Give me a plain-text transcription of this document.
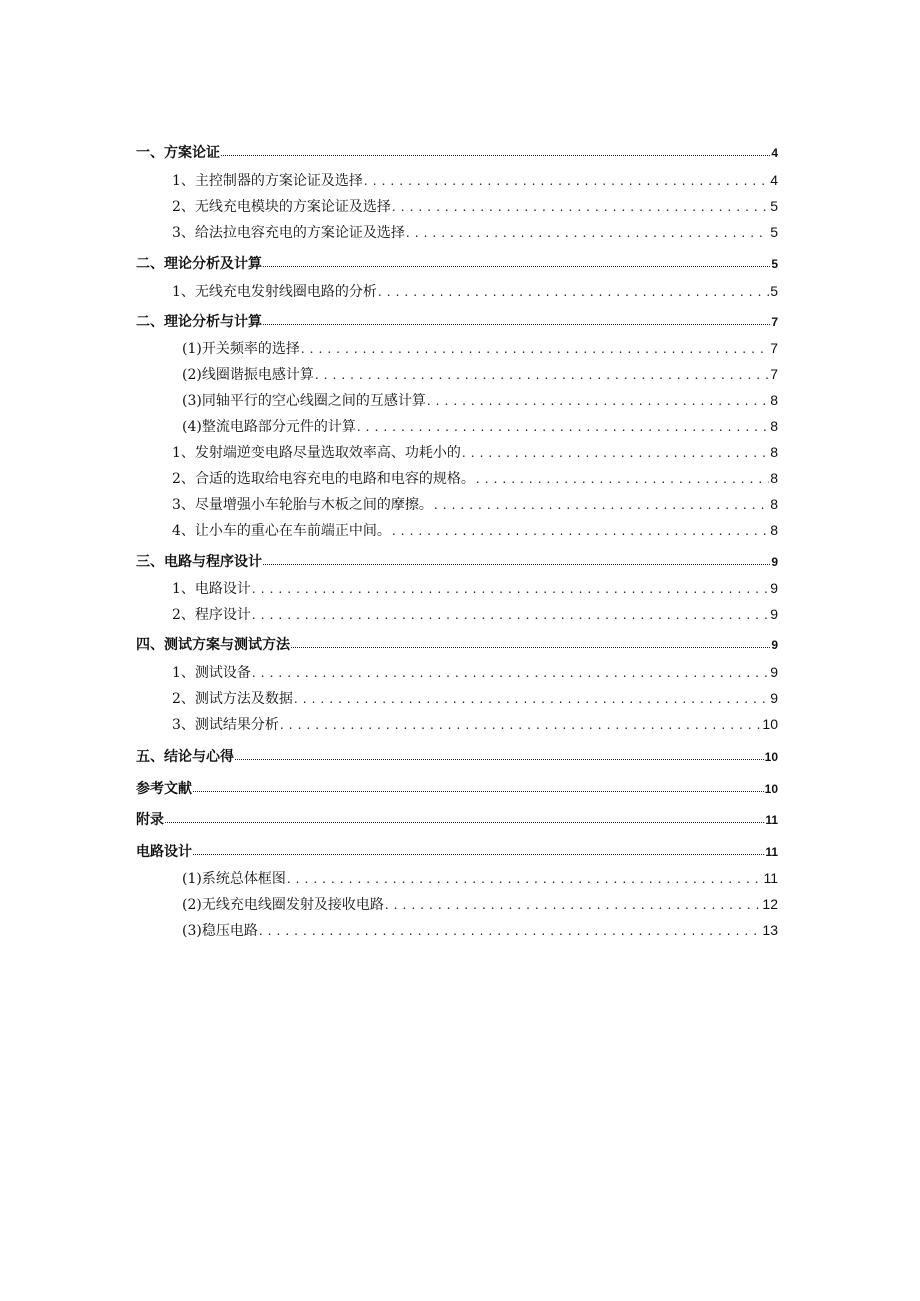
一、方案论证	4
1、主控制器的方案论证及选择 . . .	4
2、无线充电模块的方案论证及选择 . . .	5
3、给法拉电容充电的方案论证及选择 . . .	5
二、理论分析及计算	5
1、无线充电发射线圈电路的分析 . . .	5
二、理论分析与计算	7
(1)开关频率的选择 . . .	7
(2)线圈谐振电感计算 . . .	7
(3)同轴平行的空心线圈之间的互感计算 . . .	8
(4)整流电路部分元件的计算 . . .	8
1、发射端逆变电路尽量选取效率高、功耗小的 . . .	8
2、合适的选取给电容充电的电路和电容的规格。 . . .	8
3、尽量增强小车轮胎与木板之间的摩擦。 . . .	8
4、让小车的重心在车前端正中间。 . . .	8
三、电路与程序设计	9
1、电路设计 . . .	9
2、程序设计 . . .	9
四、测试方案与测试方法	9
1、测试设备 . . .	9
2、测试方法及数据 . . .	9
3、测试结果分析 . . .	10
五、结论与心得	10
参考文献	10
附录	11
电路设计	11
(1)系统总体框图 . . .	11
(2)无线充电线圈发射及接收电路 . . .	12
(3)稳压电路 . . .	13
